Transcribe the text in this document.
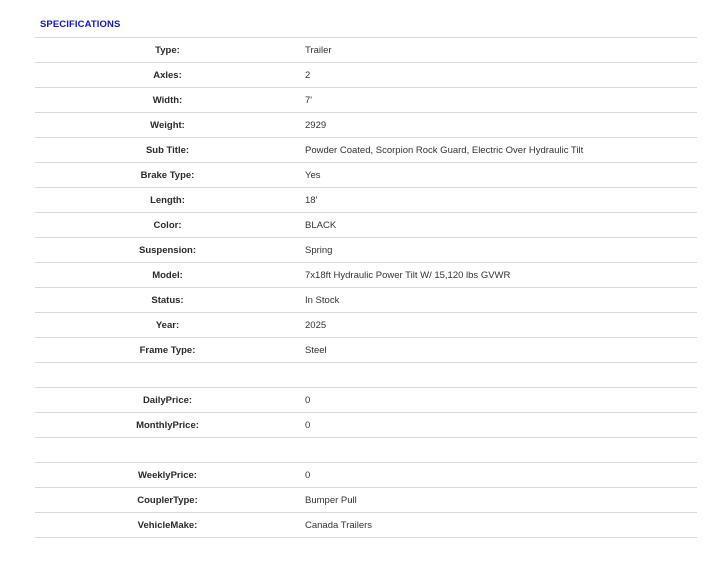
SPECIFICATIONS
Type:	Trailer
Axles:	2
Width:	7'
Weight:	2929
Sub Title:	Powder Coated, Scorpion Rock Guard, Electric Over Hydraulic Tilt
Brake Type:	Yes
Length:	18'
Color:	BLACK
Suspension:	Spring
Model:	7x18ft Hydraulic Power Tilt W/ 15,120 lbs GVWR
Status:	In Stock
Year:	2025
Frame Type:	Steel
DailyPrice:	0
MonthlyPrice:	0
WeeklyPrice:	0
CouplerType:	Bumper Pull
VehicleMake:	Canada Trailers
